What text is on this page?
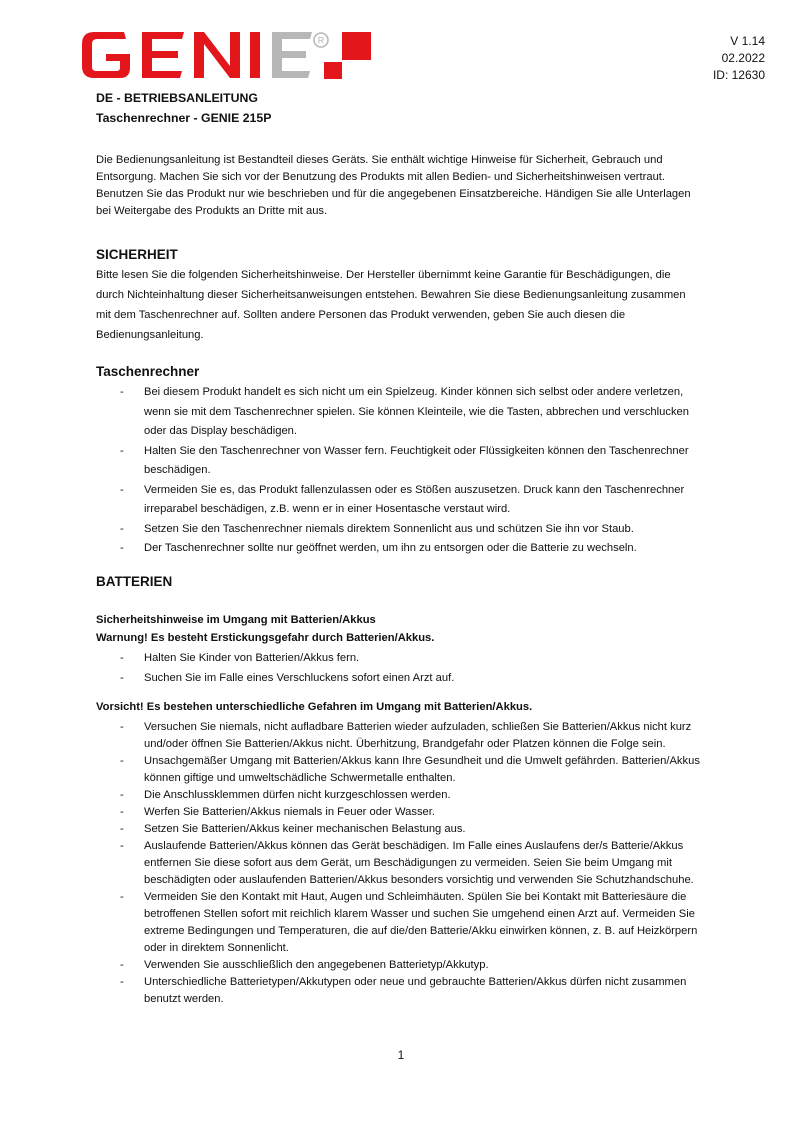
R	V 1.14
02.2022
ID: 12630
DE - BETRIEBSANLEITUNG
Taschenrechner - GENIE 215P
Die Bedienungsanleitung ist Bestandteil dieses Geräts. Sie enthält wichtige Hinweise für Sicherheit, Gebrauch und Entsorgung. Machen Sie sich vor der Benutzung des Produkts mit allen Bedien- und Sicherheitshinweisen vertraut. Benutzen Sie das Produkt nur wie beschrieben und für die angegebenen Einsatzbereiche. Händigen Sie alle Unterlagen bei Weitergabe des Produkts an Dritte mit aus.
SICHERHEIT
Bitte lesen Sie die folgenden Sicherheitshinweise. Der Hersteller übernimmt keine Garantie für Beschädigungen, die durch Nichteinhaltung dieser Sicherheitsanweisungen entstehen. Bewahren Sie diese Bedienungsanleitung zusammen mit dem Taschenrechner auf. Sollten andere Personen das Produkt verwenden, geben Sie auch diesen die Bedienungsanleitung.
Taschenrechner
- Bei diesem Produkt handelt es sich nicht um ein Spielzeug. Kinder können sich selbst oder andere verletzen, wenn sie mit dem Taschenrechner spielen. Sie können Kleinteile, wie die Tasten, abbrechen und verschlucken oder das Display beschädigen.
- Halten Sie den Taschenrechner von Wasser fern. Feuchtigkeit oder Flüssigkeiten können den Taschenrechner beschädigen.
- Vermeiden Sie es, das Produkt fallenzulassen oder es Stößen auszusetzen. Druck kann den Taschenrechner irreparabel beschädigen, z.B. wenn er in einer Hosentasche verstaut wird.
- Setzen Sie den Taschenrechner niemals direktem Sonnenlicht aus und schützen Sie ihn vor Staub.
- Der Taschenrechner sollte nur geöffnet werden, um ihn zu entsorgen oder die Batterie zu wechseln.
BATTERIEN
Sicherheitshinweise im Umgang mit Batterien/Akkus
Warnung! Es besteht Erstickungsgefahr durch Batterien/Akkus.
- Halten Sie Kinder von Batterien/Akkus fern.
- Suchen Sie im Falle eines Verschluckens sofort einen Arzt auf.
Vorsicht! Es bestehen unterschiedliche Gefahren im Umgang mit Batterien/Akkus.
- Versuchen Sie niemals, nicht aufladbare Batterien wieder aufzuladen, schließen Sie Batterien/Akkus nicht kurz und/oder öffnen Sie Batterien/Akkus nicht. Überhitzung, Brandgefahr oder Platzen können die Folge sein.
- Unsachgemäßer Umgang mit Batterien/Akkus kann Ihre Gesundheit und die Umwelt gefährden. Batterien/Akkus können giftige und umweltschädliche Schwermetalle enthalten.
- Die Anschlussklemmen dürfen nicht kurzgeschlossen werden.
- Werfen Sie Batterien/Akkus niemals in Feuer oder Wasser.
- Setzen Sie Batterien/Akkus keiner mechanischen Belastung aus.
- Auslaufende Batterien/Akkus können das Gerät beschädigen. Im Falle eines Auslaufens der/s Batterie/Akkus entfernen Sie diese sofort aus dem Gerät, um Beschädigungen zu vermeiden. Seien Sie beim Umgang mit beschädigten oder auslaufenden Batterien/Akkus besonders vorsichtig und verwenden Sie Schutzhandschuhe.
- Vermeiden Sie den Kontakt mit Haut, Augen und Schleimhäuten. Spülen Sie bei Kontakt mit Batteriesäure die betroffenen Stellen sofort mit reichlich klarem Wasser und suchen Sie umgehend einen Arzt auf. Vermeiden Sie extreme Bedingungen und Temperaturen, die auf die/den Batterie/Akku einwirken können, z. B. auf Heizkörpern oder in direktem Sonnenlicht.
- Verwenden Sie ausschließlich den angegebenen Batterietyp/Akkutyp.
- Unterschiedliche Batterietypen/Akkutypen oder neue und gebrauchte Batterien/Akkus dürfen nicht zusammen benutzt werden.
1
